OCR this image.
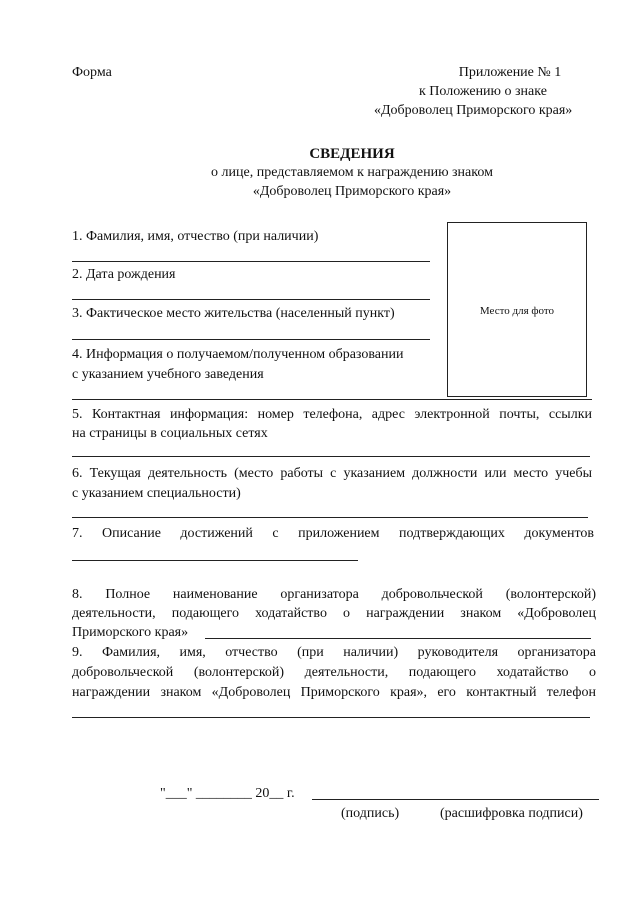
Форма	Приложение № 1
к Положению о знаке
«Доброволец Приморского края»
СВЕДЕНИЯ
о лице, представляемом к награждению знаком
«Доброволец Приморского края»
Место для фото
1. Фамилия, имя, отчество (при наличии)
2. Дата рождения
3. Фактическое место жительства (населенный пункт)
4. Информация о получаемом/полученном образовании
с указанием учебного заведения
5. Контактная информация: номер телефона, адрес электронной почты, ссылки
на страницы в социальных сетях
6. Текущая деятельность (место работы с указанием должности или место учебы
с указанием специальности)
7. Описание достижений с приложением подтверждающих документов
8. Полное наименование организатора добровольческой (волонтерской)
деятельности, подающего ходатайство о награждении знаком «Доброволец
Приморского края»
9. Фамилия, имя, отчество (при наличии) руководителя организатора
добровольческой (волонтерской) деятельности, подающего ходатайство о
награждении знаком «Доброволец Приморского края», его контактный телефон
"___" ________ 20__ г.
(подпись)	(расшифровка подписи)
